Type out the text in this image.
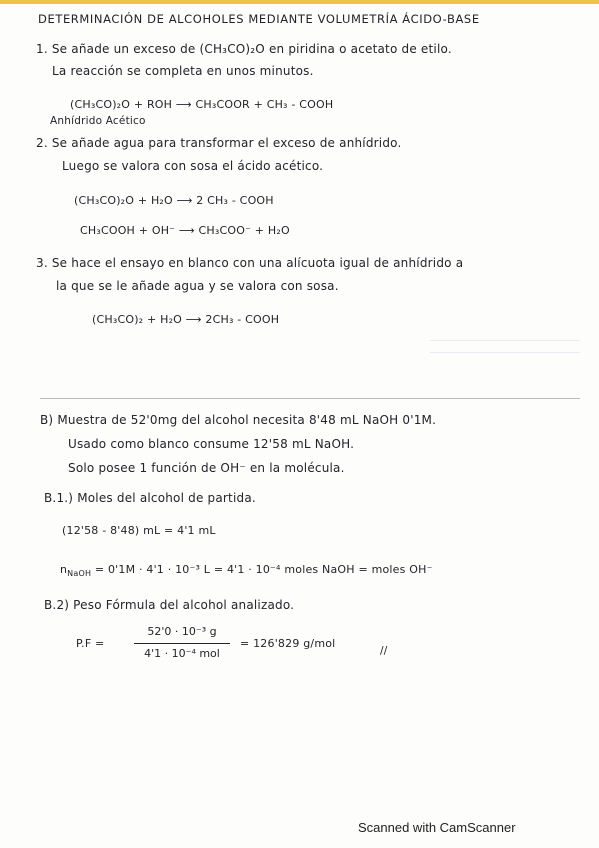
DETERMINACIÓN DE ALCOHOLES MEDIANTE VOLUMETRÍA ÁCIDO-BASE
1. Se añade un exceso de (CH₃CO)₂O en piridina o acetato de etilo.
La reacción se completa en unos minutos.
(CH₃CO)₂O + ROH ⟶ CH₃COOR + CH₃ - COOH
Anhídrido Acético
2. Se añade agua para transformar el exceso de anhídrido.
Luego se valora con sosa el ácido acético.
(CH₃CO)₂O + H₂O ⟶ 2 CH₃ - COOH
CH₃COOH + OH⁻ ⟶ CH₃COO⁻ + H₂O
3. Se hace el ensayo en blanco con una alícuota igual de anhídrido a
la que se le añade agua y se valora con sosa.
(CH₃CO)₂ + H₂O ⟶ 2CH₃ - COOH
B) Muestra de 52'0mg del alcohol necesita 8'48 mL NaOH 0'1M.
Usado como blanco consume 12'58 mL NaOH.
Solo posee 1 función de OH⁻ en la molécula.
B.1.) Moles del alcohol de partida.
(12'58 - 8'48) mL = 4'1 mL
$n_{NaOH} = 0'1M \cdot 4'1 \cdot 10^{-3}$ L = 4'1 · 10⁻⁴ moles NaOH = moles OH⁻
B.2) Peso Fórmula del alcohol analizado.
P.F =
52'0 · 10⁻³ g
4'1 · 10⁻⁴ mol
= 126'829 g/mol
//
Scanned with CamScanner
